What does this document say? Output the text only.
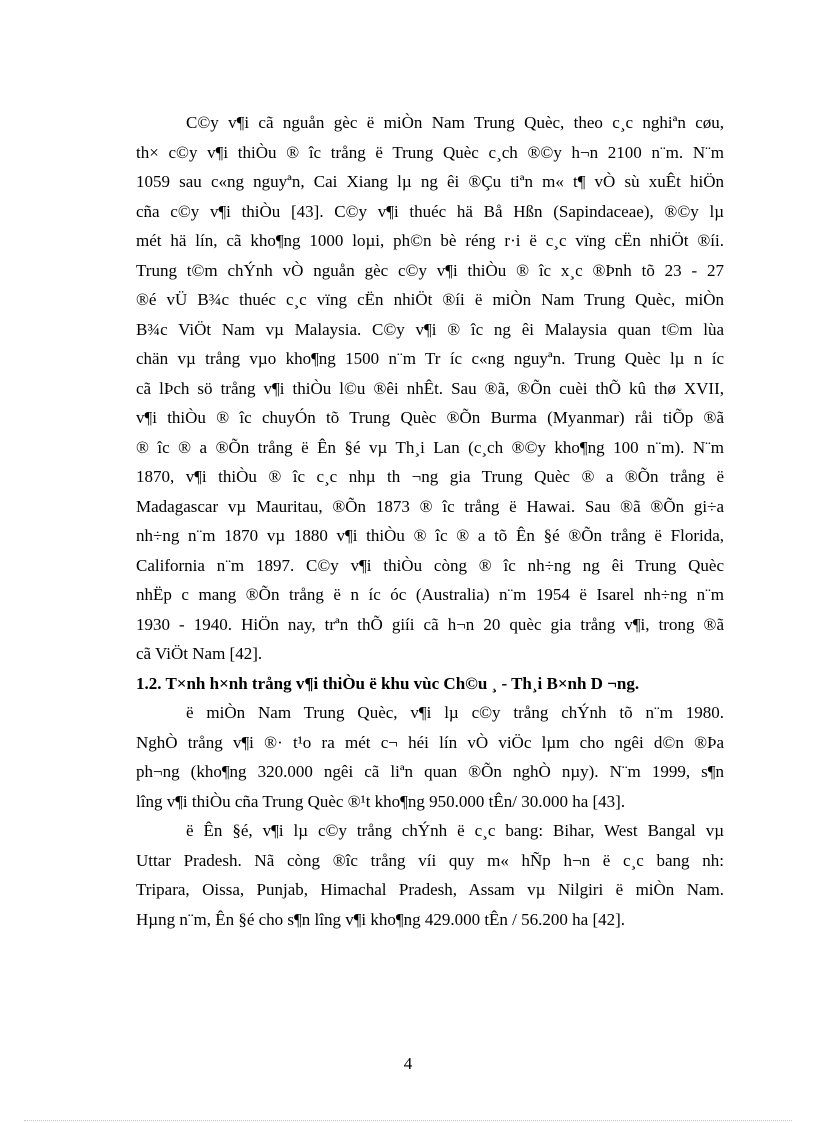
C©y v¶i cã nguån gèc ë miÒn Nam Trung Quèc, theo c¸c nghiªn cøu,
th× c©y v¶i thiÒu ® îc trång ë Trung Quèc c¸ch ®©y h¬n 2100 n¨m. N¨m
1059 sau c«ng nguyªn, Cai Xiang lµ ng êi ®Çu tiªn m« t¶ vÒ sù xuÊt hiÖn
cña c©y v¶i thiÒu [43]. C©y v¶i thuéc hä Bå Hßn (Sapindaceae), ®©y lµ
mét hä lín, cã kho¶ng 1000 loµi, ph©n bè réng r·i ë c¸c vïng cËn nhiÖt ®íi.
Trung t©m chÝnh vÒ nguån gèc c©y v¶i thiÒu ® îc x¸c ®Þnh tõ 23 - 27
®é vÜ B¾c thuéc c¸c vïng cËn nhiÖt ®íi ë miÒn Nam Trung Quèc, miÒn
B¾c ViÖt Nam vµ Malaysia. C©y v¶i ® îc ng êi Malaysia quan t©m lùa
chän vµ trång vµo kho¶ng 1500 n¨m Tr íc c«ng nguyªn. Trung Quèc lµ n íc
cã lÞch sö trång v¶i thiÒu l©u ®êi nhÊt. Sau ®ã, ®Õn cuèi thÕ kû thø XVII,
v¶i thiÒu ® îc chuyÓn tõ Trung Quèc ®Õn Burma (Myanmar) råi tiÕp ®ã
® îc ® a ®Õn trång ë Ên §é vµ Th¸i Lan (c¸ch ®©y kho¶ng 100 n¨m). N¨m
1870, v¶i thiÒu ® îc c¸c nhµ th ¬ng gia Trung Quèc ® a ®Õn trång ë
Madagascar vµ Mauritau, ®Õn 1873 ® îc trång ë Hawai. Sau ®ã ®Õn gi÷a
nh÷ng n¨m 1870 vµ 1880 v¶i thiÒu ® îc ® a tõ Ên §é ®Õn trång ë Florida,
California n¨m 1897. C©y v¶i thiÒu còng ® îc nh÷ng ng êi Trung Quèc
nhËp c mang ®Õn trång ë n íc óc (Australia) n¨m 1954 ë Isarel nh÷ng n¨m
1930 - 1940. HiÖn nay, trªn thÕ giíi cã h¬n 20 quèc gia trång v¶i, trong ®ã
cã ViÖt Nam [42].
1.2. T×nh h×nh trång v¶i thiÒu ë khu vùc Ch©u ¸ - Th¸i B×nh D ¬ng.
ë miÒn Nam Trung Quèc, v¶i lµ c©y trång chÝnh tõ n¨m 1980.
NghÒ trång v¶i ®· t¹o ra mét c¬ héi lín vÒ viÖc lµm cho ngêi d©n ®Þa
ph¬ng (kho¶ng 320.000 ngêi cã liªn quan ®Õn nghÒ nµy). N¨m 1999, s¶n
lîng v¶i thiÒu cña Trung Quèc ®¹t kho¶ng 950.000 tÊn/ 30.000 ha [43].
ë Ên §é, v¶i lµ c©y trång chÝnh ë c¸c bang: Bihar, West Bangal vµ
Uttar Pradesh. Nã còng ®îc trång víi quy m« hÑp h¬n ë c¸c bang nh:
Tripara, Oissa, Punjab, Himachal Pradesh, Assam vµ Nilgiri ë miÒn Nam.
Hµng n¨m, Ên §é cho s¶n lîng v¶i kho¶ng 429.000 tÊn / 56.200 ha [42].
4
